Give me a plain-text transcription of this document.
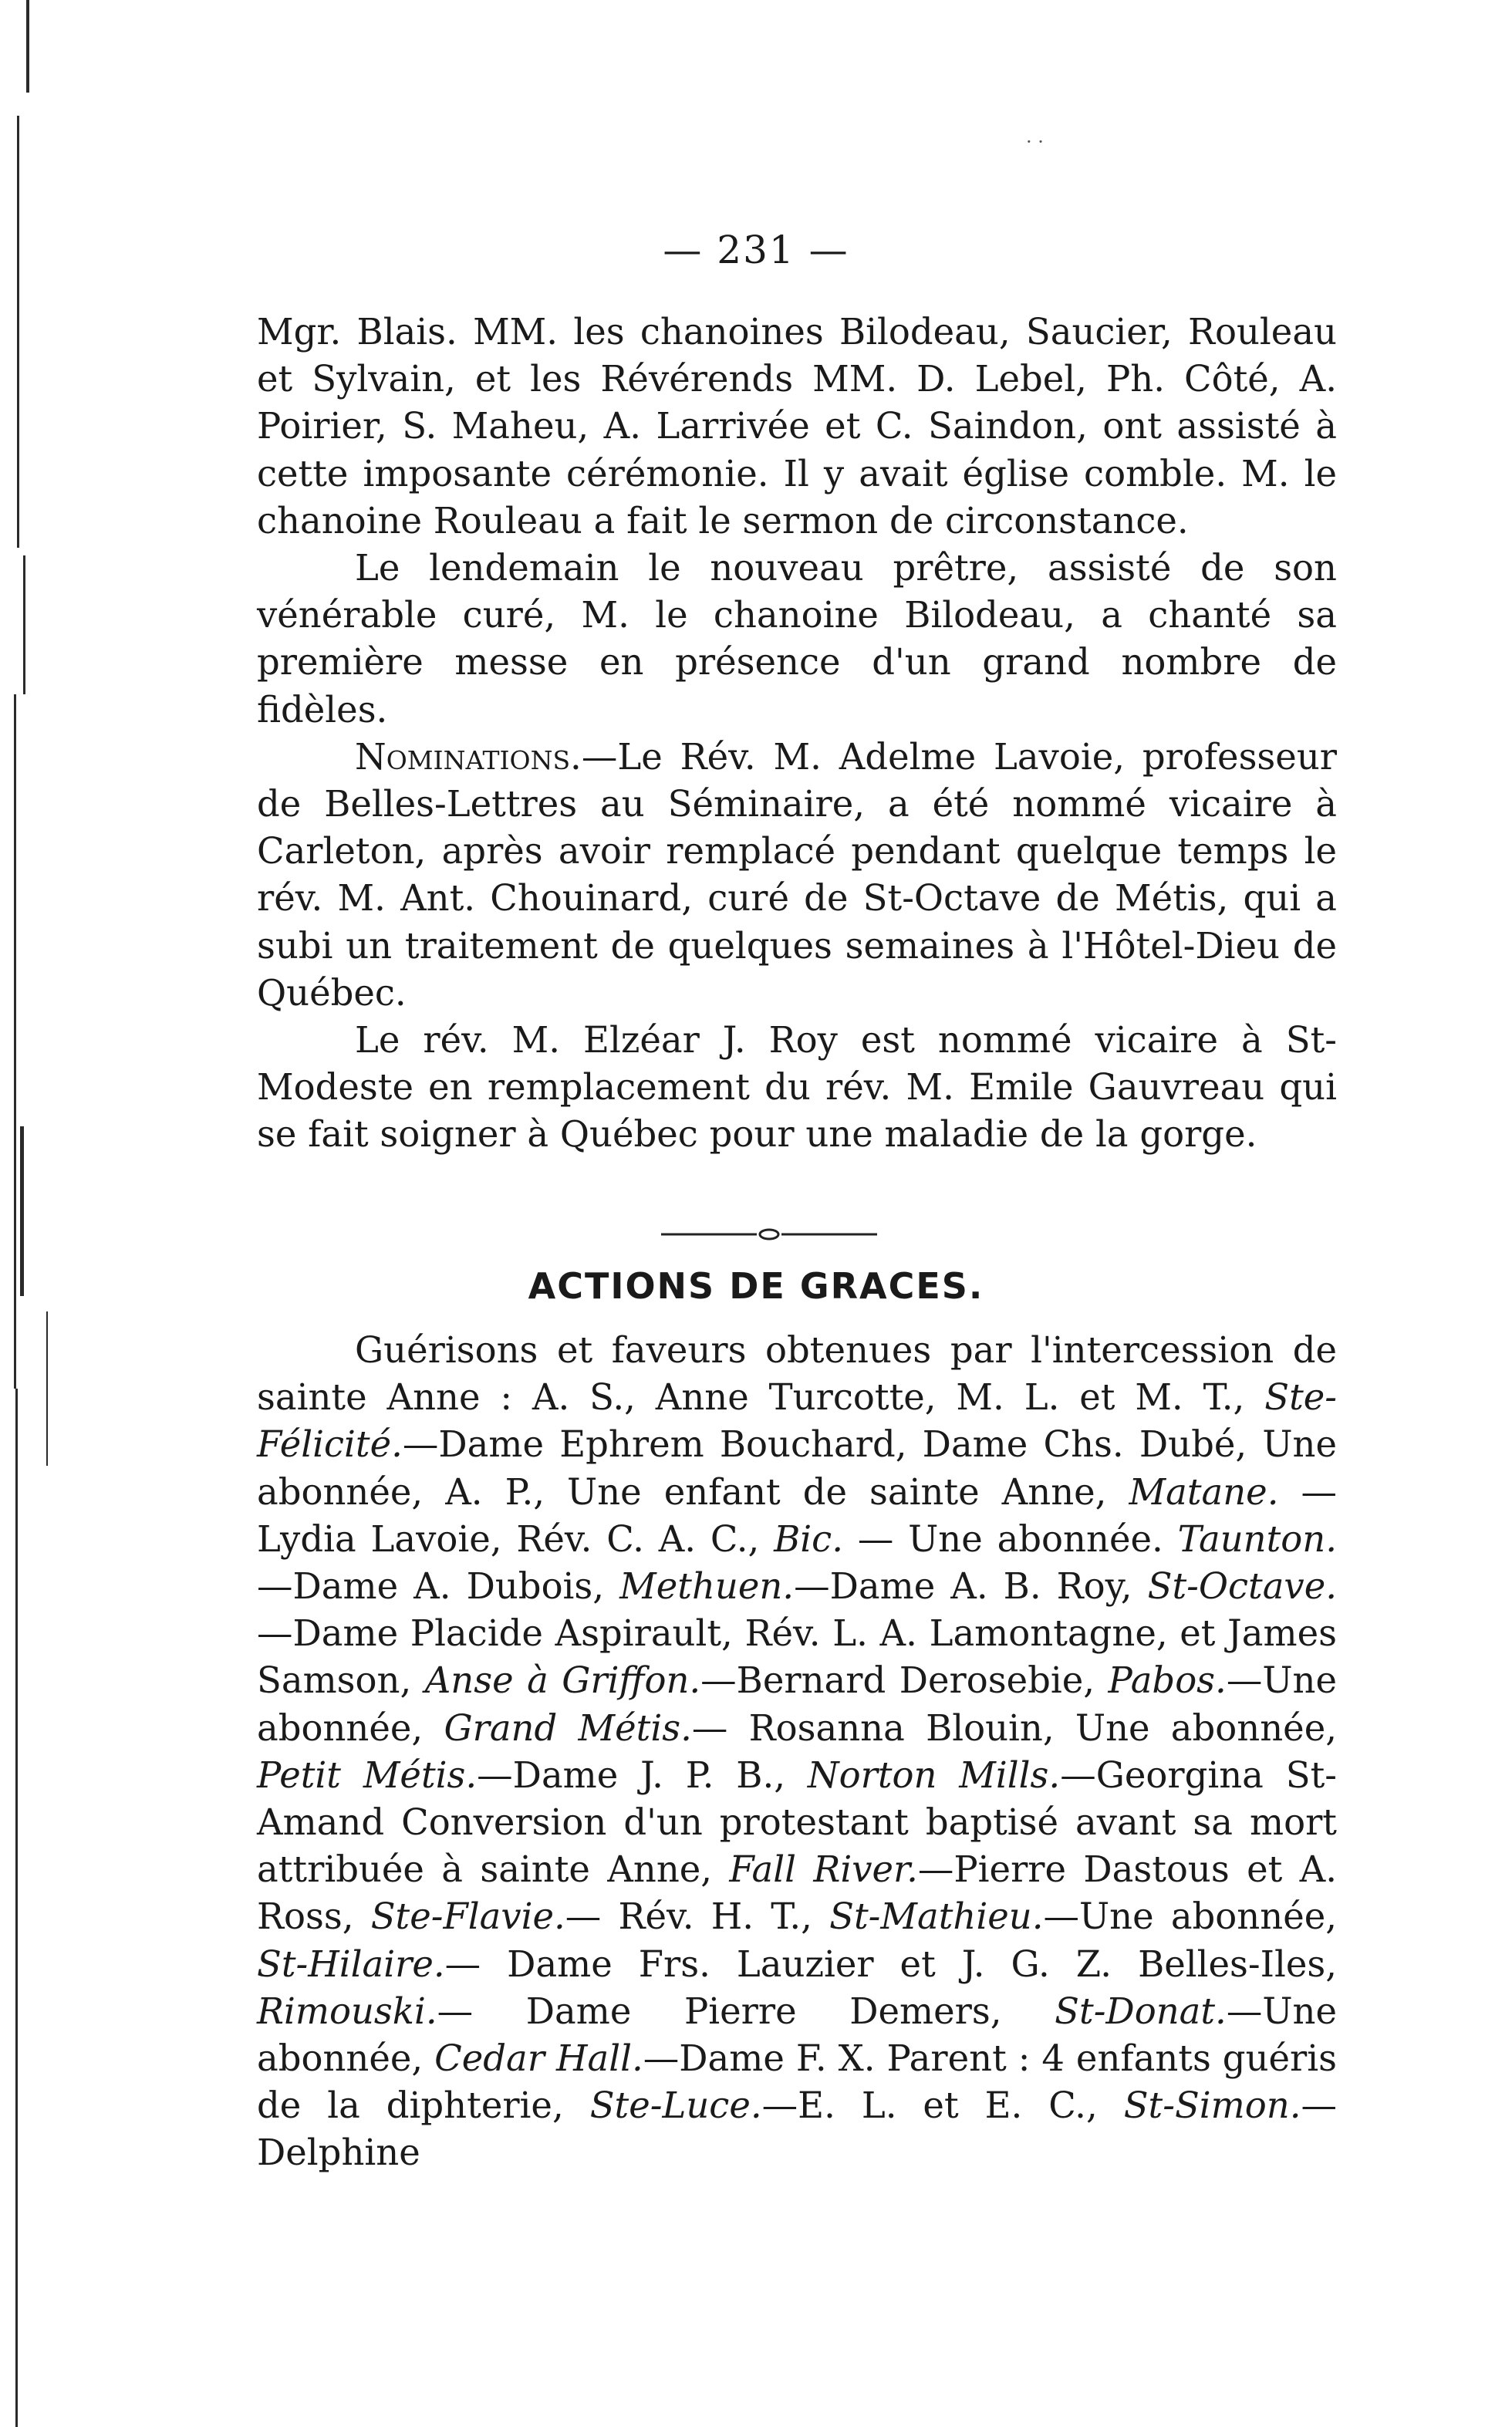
— 231 —

Mgr. Blais. MM. les chanoines Bilodeau, Saucier, Rouleau et Sylvain, et les Révérends MM. D. Lebel, Ph. Côté, A. Poirier, S. Maheu, A. Larrivée et C. Saindon, ont assisté à cette imposante cérémonie. Il y avait église comble. M. le chanoine Rouleau a fait le sermon de circonstance.

Le lendemain le nouveau prêtre, assisté de son vénérable curé, M. le chanoine Bilodeau, a chanté sa première messe en présence d'un grand nombre de fidèles.

Nominations.—Le Rév. M. Adelme Lavoie, professeur de Belles-Lettres au Séminaire, a été nommé vicaire à Carleton, après avoir remplacé pendant quelque temps le rév. M. Ant. Chouinard, curé de St-Octave de Métis, qui a subi un traitement de quelques semaines à l'Hôtel-Dieu de Québec.

Le rév. M. Elzéar J. Roy est nommé vicaire à St-Modeste en remplacement du rév. M. Emile Gauvreau qui se fait soigner à Québec pour une maladie de la gorge.

ACTIONS DE GRACES.

Guérisons et faveurs obtenues par l'intercession de sainte Anne : A. S., Anne Turcotte, M. L. et M. T., Ste-Félicité.—Dame Ephrem Bouchard, Dame Chs. Dubé, Une abonnée, A. P., Une enfant de sainte Anne, Matane. —Lydia Lavoie, Rév. C. A. C., Bic. — Une abonnée. Taunton.—Dame A. Dubois, Methuen.—Dame A. B. Roy, St-Octave.—Dame Placide Aspirault, Rév. L. A. Lamontagne, et James Samson, Anse à Griffon.—Bernard Derosebie, Pabos.—Une abonnée, Grand Métis.— Rosanna Blouin, Une abonnée, Petit Métis.—Dame J. P. B., Norton Mills.—Georgina St-Amand Conversion d'un protestant baptisé avant sa mort attribuée à sainte Anne, Fall River.—Pierre Dastous et A. Ross, Ste-Flavie.— Rév. H. T., St-Mathieu.—Une abonnée, St-Hilaire.— Dame Frs. Lauzier et J. G. Z. Belles-Iles, Rimouski.— Dame Pierre Demers, St-Donat.—Une abonnée, Cedar Hall.—Dame F. X. Parent : 4 enfants guéris de la diphterie, Ste-Luce.—E. L. et E. C., St-Simon.—Delphine

· ·
